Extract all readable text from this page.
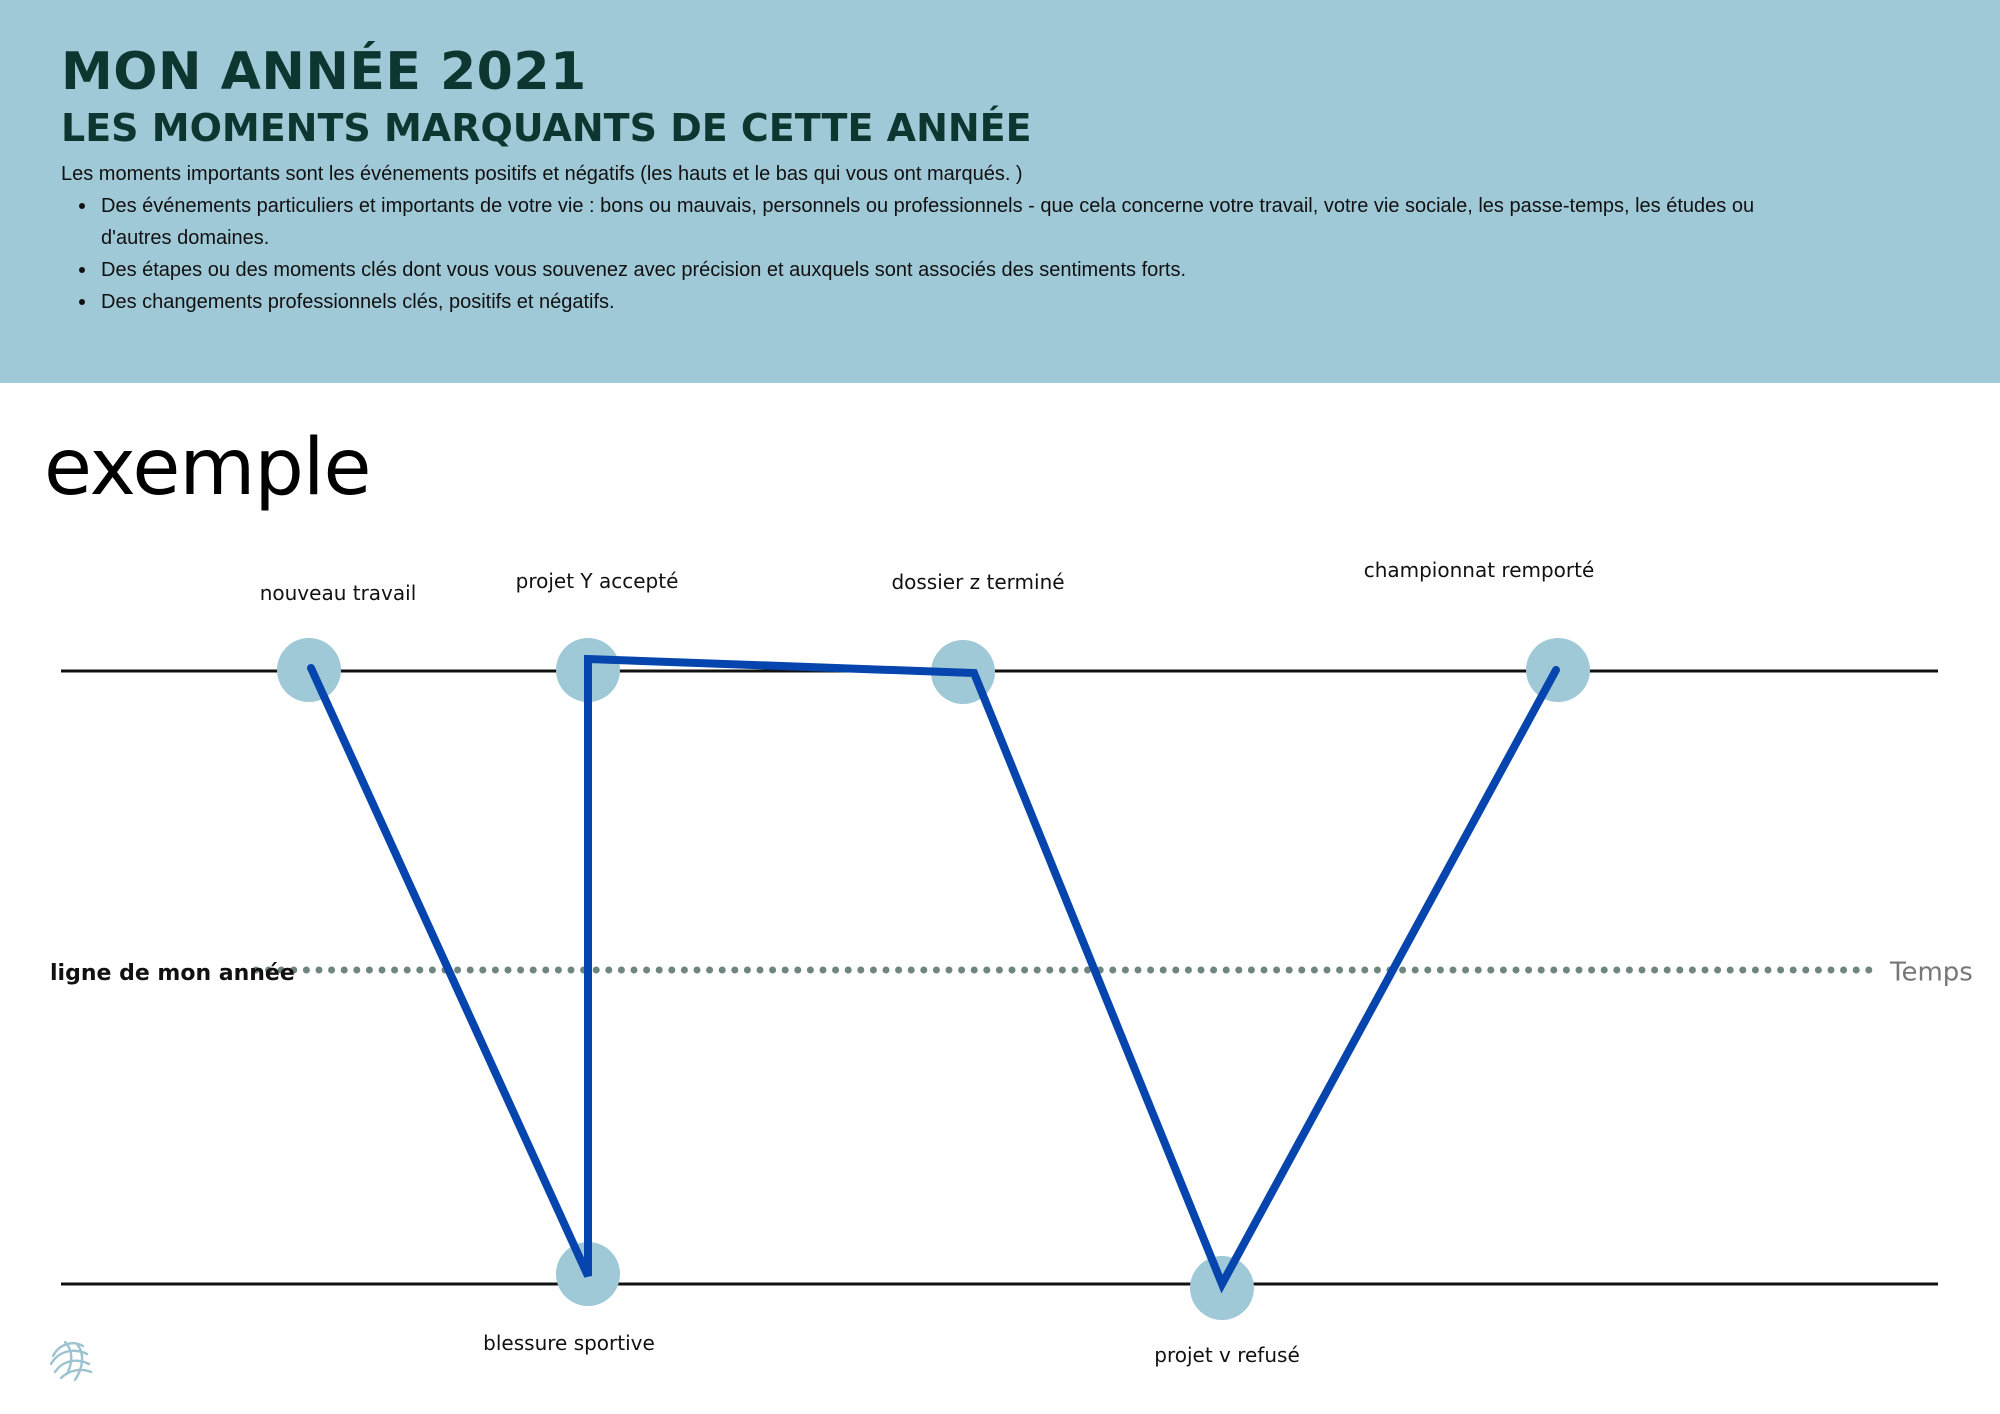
MON ANNÉE 2021
LES MOMENTS MARQUANTS DE CETTE ANNÉE

Les moments importants sont les événements positifs et négatifs (les hauts et le bas qui vous ont marqués. )

Des événements particuliers et importants de votre vie : bons ou mauvais, personnels ou professionnels - que cela concerne votre travail, votre vie sociale, les passe-temps, les études ou d'autres domaines.
Des étapes ou des moments clés dont vous vous souvenez avec précision et auxquels sont associés des sentiments forts.
Des changements professionnels clés, positifs et négatifs.
exemple
ligne de mon année	Temps
nouveau travail
blessure sportive
projet Y accepté	dossier z terminé
projet v refusé
championnat remporté
